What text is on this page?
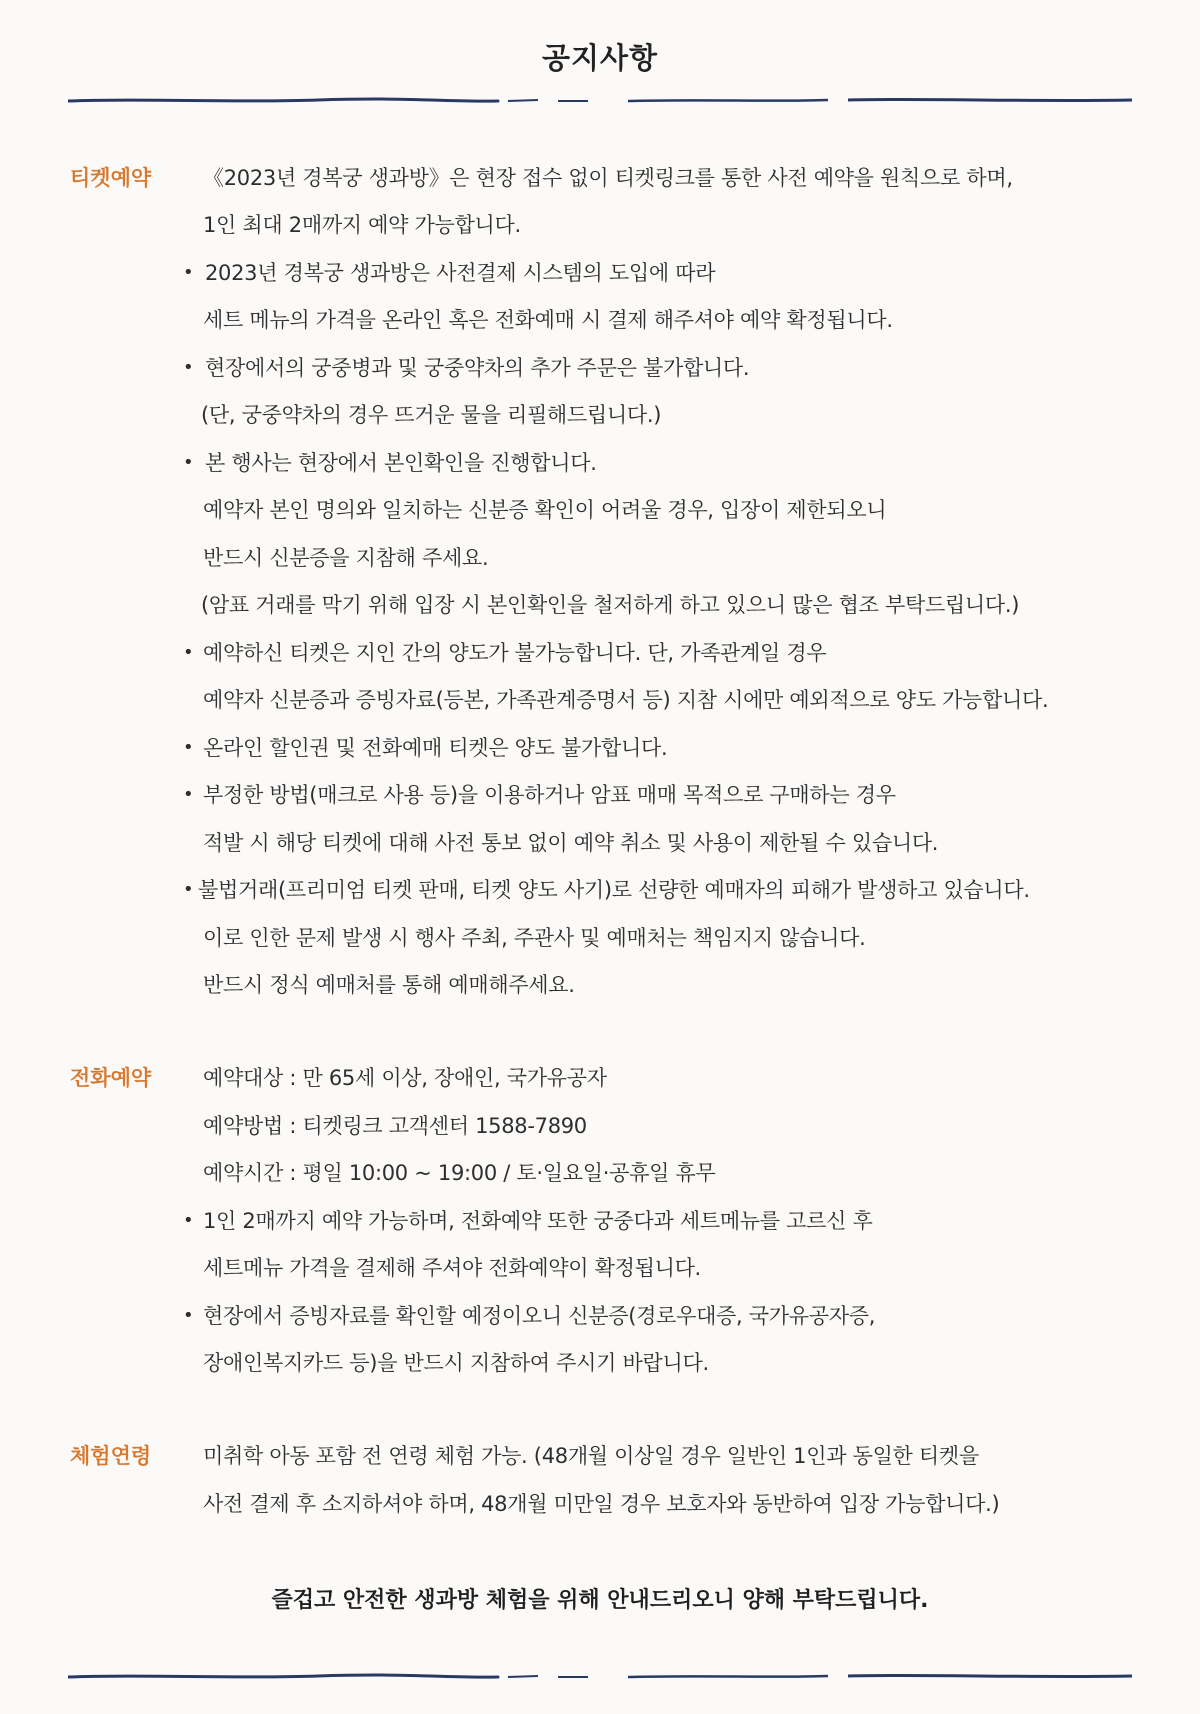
공지사항
티켓예약 《2023년 경복궁 생과방》은 현장 접수 없이 티켓링크를 통한 사전 예약을 원칙으로 하며,
1인 최대 2매까지 예약 가능합니다.
• 2023년 경복궁 생과방은 사전결제 시스템의 도입에 따라
세트 메뉴의 가격을 온라인 혹은 전화예매 시 결제 해주셔야 예약 확정됩니다.
• 현장에서의 궁중병과 및 궁중약차의 추가 주문은 불가합니다.
(단, 궁중약차의 경우 뜨거운 물을 리필해드립니다.)
• 본 행사는 현장에서 본인확인을 진행합니다.
예약자 본인 명의와 일치하는 신분증 확인이 어려울 경우, 입장이 제한되오니
반드시 신분증을 지참해 주세요.
(암표 거래를 막기 위해 입장 시 본인확인을 철저하게 하고 있으니 많은 협조 부탁드립니다.)
• 예약하신 티켓은 지인 간의 양도가 불가능합니다. 단, 가족관계일 경우
예약자 신분증과 증빙자료(등본, 가족관계증명서 등) 지참 시에만 예외적으로 양도 가능합니다.
• 온라인 할인권 및 전화예매 티켓은 양도 불가합니다.
• 부정한 방법(매크로 사용 등)을 이용하거나 암표 매매 목적으로 구매하는 경우
적발 시 해당 티켓에 대해 사전 통보 없이 예약 취소 및 사용이 제한될 수 있습니다.
• 불법거래(프리미엄 티켓 판매, 티켓 양도 사기)로 선량한 예매자의 피해가 발생하고 있습니다.
이로 인한 문제 발생 시 행사 주최, 주관사 및 예매처는 책임지지 않습니다.
반드시 정식 예매처를 통해 예매해주세요.
전화예약 예약대상 : 만 65세 이상, 장애인, 국가유공자
예약방법 : 티켓링크 고객센터 1588-7890
예약시간 : 평일 10:00 ~ 19:00 / 토·일요일·공휴일 휴무
• 1인 2매까지 예약 가능하며, 전화예약 또한 궁중다과 세트메뉴를 고르신 후
세트메뉴 가격을 결제해 주셔야 전화예약이 확정됩니다.
• 현장에서 증빙자료를 확인할 예정이오니 신분증(경로우대증, 국가유공자증,
장애인복지카드 등)을 반드시 지참하여 주시기 바랍니다.
체험연령 미취학 아동 포함 전 연령 체험 가능. (48개월 이상일 경우 일반인 1인과 동일한 티켓을
사전 결제 후 소지하셔야 하며, 48개월 미만일 경우 보호자와 동반하여 입장 가능합니다.)
즐겁고 안전한 생과방 체험을 위해 안내드리오니 양해 부탁드립니다.
